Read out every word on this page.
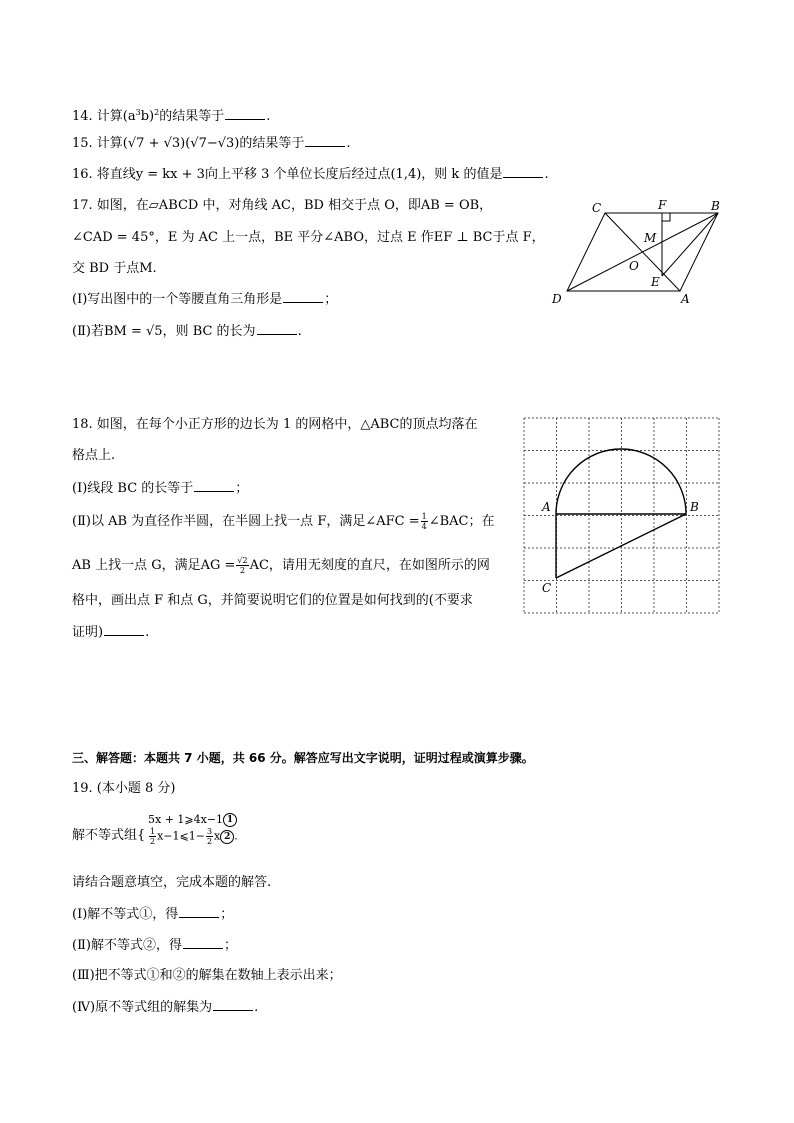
14. 计算$(a^3b)^2$的结果等于	.
15. 计算(√7 + √3)(√7−√3)的结果等于	.
16. 将直线y = kx + 3向上平移 3 个单位长度后经过点(1,4)，则 k 的值是	.
17. 如图，在▱ABCD 中，对角线 AC，BD 相交于点 O，即AB = OB，
∠CAD = 45°，E 为 AC 上一点，BE 平分∠ABO，过点 E 作EF ⊥ BC于点 F，
交 BD 于点M.
(Ⅰ)写出图中的一个等腰直角三角形是	；
(Ⅱ)若BM = √5，则 BC 的长为	.
C	F	B
M
O
E
D	A
18. 如图，在每个小正方形的边长为 1 的网格中，△ABC的顶点均落在
格点上.
(Ⅰ)线段 BC 的长等于	；
(Ⅱ)以 AB 为直径作半圆，在半圆上找一点 F，满足∠AFC = $\frac{1}{4}$ ∠BAC；在
AB 上找一点 G，满足AG = $\frac{√2}{2}$ AC，请用无刻度的直尺，在如图所示的网
格中，画出点 F 和点 G，并简要说明它们的位置是如何找到的(不要求
证明)	.
A	B
C
三、解答题：本题共 7 小题，共 66 分。解答应写出文字说明，证明过程或演算步骤。
19. (本小题 8 分)
解不等式组{
5x + 1⩾4x−1 1
$\frac{1}{2}$ x−1⩽1− $\frac{3}{2}$ x 2 .
请结合题意填空，完成本题的解答.
(Ⅰ)解不等式①，得	；
(Ⅱ)解不等式②，得	；
(Ⅲ)把不等式①和②的解集在数轴上表示出来；
(Ⅳ)原不等式组的解集为	.
